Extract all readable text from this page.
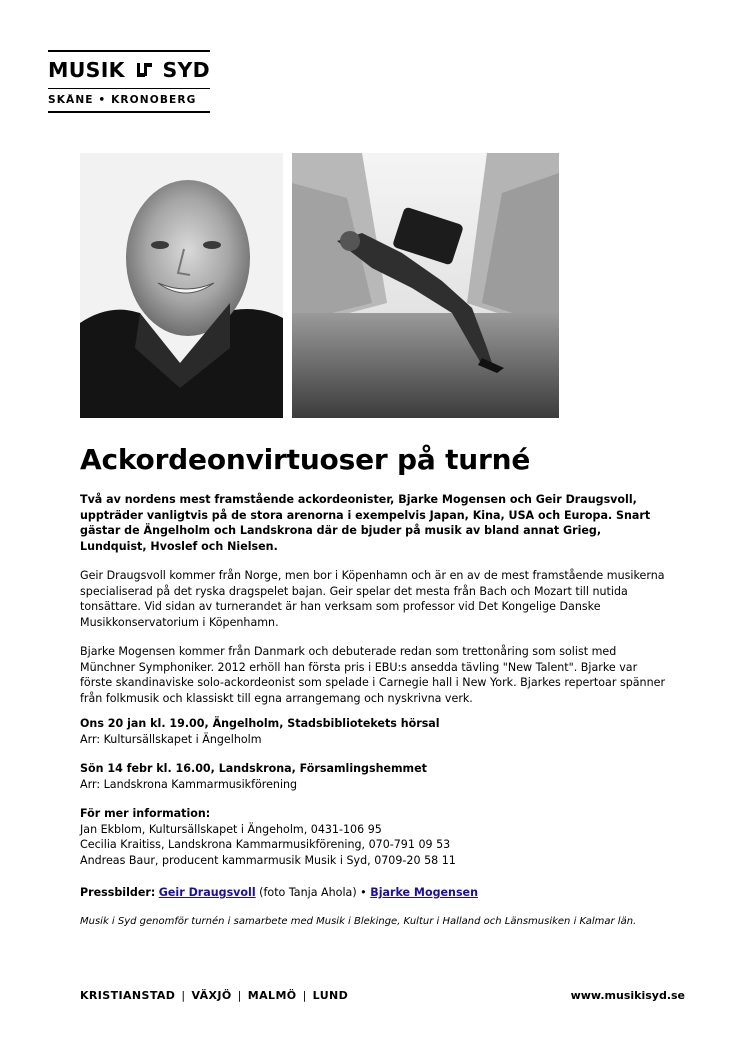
MUSIK SYD
SKÅNE • KRONOBERG
Ackordeonvirtuoser på turné

Två av nordens mest framstående ackordeonister, Bjarke Mogensen och Geir Draugsvoll, uppträder vanligtvis på de stora arenorna i exempelvis Japan, Kina, USA och Europa. Snart gästar de Ängelholm och Landskrona där de bjuder på musik av bland annat Grieg, Lundquist, Hvoslef och Nielsen.

Geir Draugsvoll kommer från Norge, men bor i Köpenhamn och är en av de mest framstående musikerna specialiserad på det ryska dragspelet bajan. Geir spelar det mesta från Bach och Mozart till nutida tonsättare. Vid sidan av turnerandet är han verksam som professor vid Det Kongelige Danske Musikkonservatorium i Köpenhamn.

Bjarke Mogensen kommer från Danmark och debuterade redan som trettonåring som solist med Münchner Symphoniker. 2012 erhöll han första pris i EBU:s ansedda tävling "New Talent". Bjarke var förste skandinaviske solo-ackordeonist som spelade i Carnegie hall i New York. Bjarkes repertoar spänner från folkmusik och klassiskt till egna arrangemang och nyskrivna verk.

Ons 20 jan kl. 19.00, Ängelholm, Stadsbibliotekets hörsal

Arr: Kultursällskapet i Ängelholm

Sön 14 febr kl. 16.00, Landskrona, Församlingshemmet

Arr: Landskrona Kammarmusikförening

För mer information:

Jan Ekblom, Kultursällskapet i Ängeholm, 0431-106 95

Cecilia Kraitiss, Landskrona Kammarmusikförening, 070-791 09 53

Andreas Baur, producent kammarmusik Musik i Syd, 0709-20 58 11

Pressbilder: Geir Draugsvoll (foto Tanja Ahola) • Bjarke Mogensen

Musik i Syd genomför turnén i samarbete med Musik i Blekinge, Kultur i Halland och Länsmusiken i Kalmar län.

KRISTIANSTAD | VÄXJÖ | MALMÖ | LUND	www.musikisyd.se
